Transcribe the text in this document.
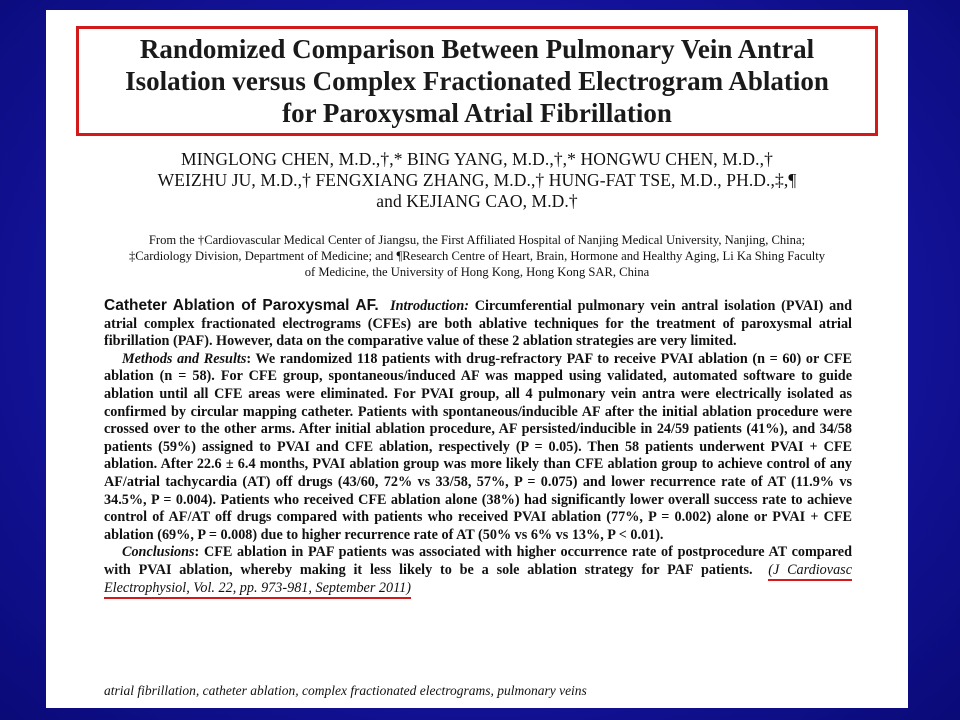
Randomized Comparison Between Pulmonary Vein Antral
Isolation versus Complex Fractionated Electrogram Ablation
for Paroxysmal Atrial Fibrillation
MINGLONG CHEN, M.D.,†,* BING YANG, M.D.,†,* HONGWU CHEN, M.D.,†
WEIZHU JU, M.D.,† FENGXIANG ZHANG, M.D.,† HUNG-FAT TSE, M.D., PH.D.,‡,¶
and KEJIANG CAO, M.D.†
From the †Cardiovascular Medical Center of Jiangsu, the First Affiliated Hospital of Nanjing Medical University, Nanjing, China;
‡Cardiology Division, Department of Medicine; and ¶Research Centre of Heart, Brain, Hormone and Healthy Aging, Li Ka Shing Faculty
of Medicine, the University of Hong Kong, Hong Kong SAR, China

Catheter Ablation of Paroxysmal AF. Introduction: Circumferential pulmonary vein antral isolation (PVAI) and atrial complex fractionated electrograms (CFEs) are both ablative techniques for the treatment of paroxysmal atrial fibrillation (PAF). However, data on the comparative value of these 2 ablation strategies are very limited.

Methods and Results: We randomized 118 patients with drug-refractory PAF to receive PVAI ablation (n = 60) or CFE ablation (n = 58). For CFE group, spontaneous/induced AF was mapped using validated, automated software to guide ablation until all CFE areas were eliminated. For PVAI group, all 4 pulmonary vein antra were electrically isolated as confirmed by circular mapping catheter. Patients with spontaneous/inducible AF after the initial ablation procedure were crossed over to the other arms. After initial ablation procedure, AF persisted/inducible in 24/59 patients (41%), and 34/58 patients (59%) assigned to PVAI and CFE ablation, respectively (P = 0.05). Then 58 patients underwent PVAI + CFE ablation. After 22.6 ± 6.4 months, PVAI ablation group was more likely than CFE ablation group to achieve control of any AF/atrial tachycardia (AT) off drugs (43/60, 72% vs 33/58, 57%, P = 0.075) and lower recurrence rate of AT (11.9% vs 34.5%, P = 0.004). Patients who received CFE ablation alone (38%) had significantly lower overall success rate to achieve control of AF/AT off drugs compared with patients who received PVAI ablation (77%, P = 0.002) alone or PVAI + CFE ablation (69%, P = 0.008) due to higher recurrence rate of AT (50% vs 6% vs 13%, P < 0.01).

Conclusions: CFE ablation in PAF patients was associated with higher occurrence rate of postprocedure AT compared with PVAI ablation, whereby making it less likely to be a sole ablation strategy for PAF patients. (J Cardiovasc Electrophysiol, Vol. 22, pp. 973-981, September 2011)

atrial fibrillation, catheter ablation, complex fractionated electrograms, pulmonary veins
